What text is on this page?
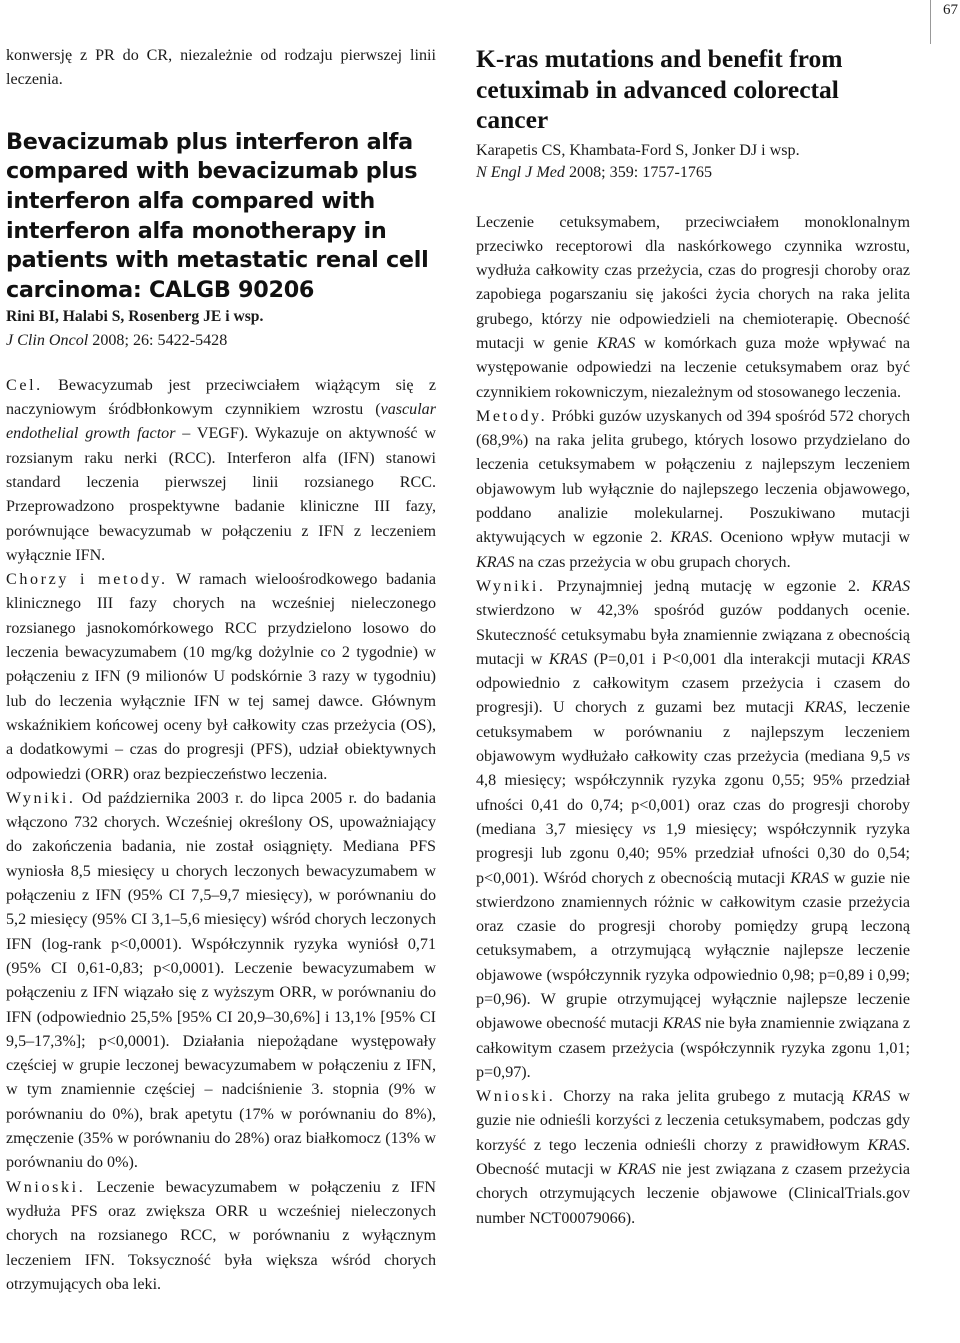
67

konwersję z PR do CR, niezależnie od rodzaju pierwszej linii leczenia.

Bevacizumab plus interferon alfa compared with bevacizumab plus interferon alfa compared with interferon alfa monotherapy in patients with metastatic renal cell carcinoma: CALGB 90206
Rini BI, Halabi S, Rosenberg JE i wsp.
J Clin Oncol 2008; 26: 5422-5428

Cel. Bewacyzumab jest przeciwciałem wiążącym się z naczyniowym śródbłonkowym czynnikiem wzrostu (vascular endothelial growth factor – VEGF). Wykazuje on aktywność w rozsianym raku nerki (RCC). Interferon alfa (IFN) stanowi standard leczenia pierwszej linii rozsianego RCC. Przeprowadzono prospektywne badanie kliniczne III fazy, porównujące bewacyzumab w połączeniu z IFN z leczeniem wyłącznie IFN.

Chorzy i metody. W ramach wieloośrodkowego badania klinicznego III fazy chorych na wcześniej nieleczonego rozsianego jasnokomórkowego RCC przydzielono losowo do leczenia bewacyzumabem (10 mg/kg dożylnie co 2 tygodnie) w połączeniu z IFN (9 milionów U podskórnie 3 razy w tygodniu) lub do leczenia wyłącznie IFN w tej samej dawce. Głównym wskaźnikiem końcowej oceny był całkowity czas przeżycia (OS), a dodatkowymi – czas do progresji (PFS), udział obiektywnych odpowiedzi (ORR) oraz bezpieczeństwo leczenia.

Wyniki. Od października 2003 r. do lipca 2005 r. do badania włączono 732 chorych. Wcześniej określony OS, upoważniający do zakończenia badania, nie został osiągnięty. Mediana PFS wyniosła 8,5 miesięcy u chorych leczonych bewacyzumabem w połączeniu z IFN (95% CI 7,5–9,7 miesięcy), w porównaniu do 5,2 miesięcy (95% CI 3,1–5,6 miesięcy) wśród chorych leczonych IFN (log-rank p<0,0001). Współczynnik ryzyka wyniósł 0,71 (95% CI 0,61-0,83; p<0,0001). Leczenie bewacyzumabem w połączeniu z IFN wiązało się z wyższym ORR, w porównaniu do IFN (odpowiednio 25,5% [95% CI 20,9–30,6%] i 13,1% [95% CI 9,5–17,3%]; p<0,0001). Działania niepożądane występowały częściej w grupie leczonej bewacyzumabem w połączeniu z IFN, w tym znamiennie częściej – nadciśnienie 3. stopnia (9% w porównaniu do 0%), brak apetytu (17% w porównaniu do 8%), zmęczenie (35% w porównaniu do 28%) oraz białkomocz (13% w porównaniu do 0%).

Wnioski. Leczenie bewacyzumabem w połączeniu z IFN wydłuża PFS oraz zwiększa ORR u wcześniej nieleczonych chorych na rozsianego RCC, w porównaniu z wyłącznym leczeniem IFN. Toksyczność była większa wśród chorych otrzymujących oba leki.

K-ras mutations and benefit from cetuximab in advanced colorectal cancer
Karapetis CS, Khambata-Ford S, Jonker DJ i wsp.
N Engl J Med 2008; 359: 1757-1765

Leczenie cetuksymabem, przeciwciałem monoklonalnym przeciwko receptorowi dla naskórkowego czynnika wzrostu, wydłuża całkowity czas przeżycia, czas do progresji choroby oraz zapobiega pogarszaniu się jakości życia chorych na raka jelita grubego, którzy nie odpowiedzieli na chemioterapię. Obecność mutacji w genie KRAS w komórkach guza może wpływać na występowanie odpowiedzi na leczenie cetuksymabem oraz być czynnikiem rokowniczym, niezależnym od stosowanego leczenia.

Metody. Próbki guzów uzyskanych od 394 spośród 572 chorych (68,9%) na raka jelita grubego, których losowo przydzielano do leczenia cetuksymabem w połączeniu z najlepszym leczeniem objawowym lub wyłącznie do najlepszego leczenia objawowego, poddano analizie molekularnej. Poszukiwano mutacji aktywujących w egzonie 2. KRAS. Oceniono wpływ mutacji w KRAS na czas przeżycia w obu grupach chorych.

Wyniki. Przynajmniej jedną mutację w egzonie 2. KRAS stwierdzono w 42,3% spośród guzów poddanych ocenie. Skuteczność cetuksymabu była znamiennie związana z obecnością mutacji w KRAS (P=0,01 i P<0,001 dla interakcji mutacji KRAS odpowiednio z całkowitym czasem przeżycia i czasem do progresji). U chorych z guzami bez mutacji KRAS, leczenie cetuksymabem w porównaniu z najlepszym leczeniem objawowym wydłużało całkowity czas przeżycia (mediana 9,5 vs 4,8 miesięcy; współczynnik ryzyka zgonu 0,55; 95% przedział ufności 0,41 do 0,74; p<0,001) oraz czas do progresji choroby (mediana 3,7 miesięcy vs 1,9 miesięcy; współczynnik ryzyka progresji lub zgonu 0,40; 95% przedział ufności 0,30 do 0,54; p<0,001). Wśród chorych z obecnością mutacji KRAS w guzie nie stwierdzono znamiennych różnic w całkowitym czasie przeżycia oraz czasie do progresji choroby pomiędzy grupą leczoną cetuksymabem, a otrzymującą wyłącznie najlepsze leczenie objawowe (współczynnik ryzyka odpowiednio 0,98; p=0,89 i 0,99; p=0,96). W grupie otrzymującej wyłącznie najlepsze leczenie objawowe obecność mutacji KRAS nie była znamiennie związana z całkowitym czasem przeżycia (współczynnik ryzyka zgonu 1,01; p=0,97).

Wnioski. Chorzy na raka jelita grubego z mutacją KRAS w guzie nie odnieśli korzyści z leczenia cetuksymabem, podczas gdy korzyść z tego leczenia odnieśli chorzy z prawidłowym KRAS. Obecność mutacji w KRAS nie jest związana z czasem przeżycia chorych otrzymujących leczenie objawowe (ClinicalTrials.gov number NCT00079066).
